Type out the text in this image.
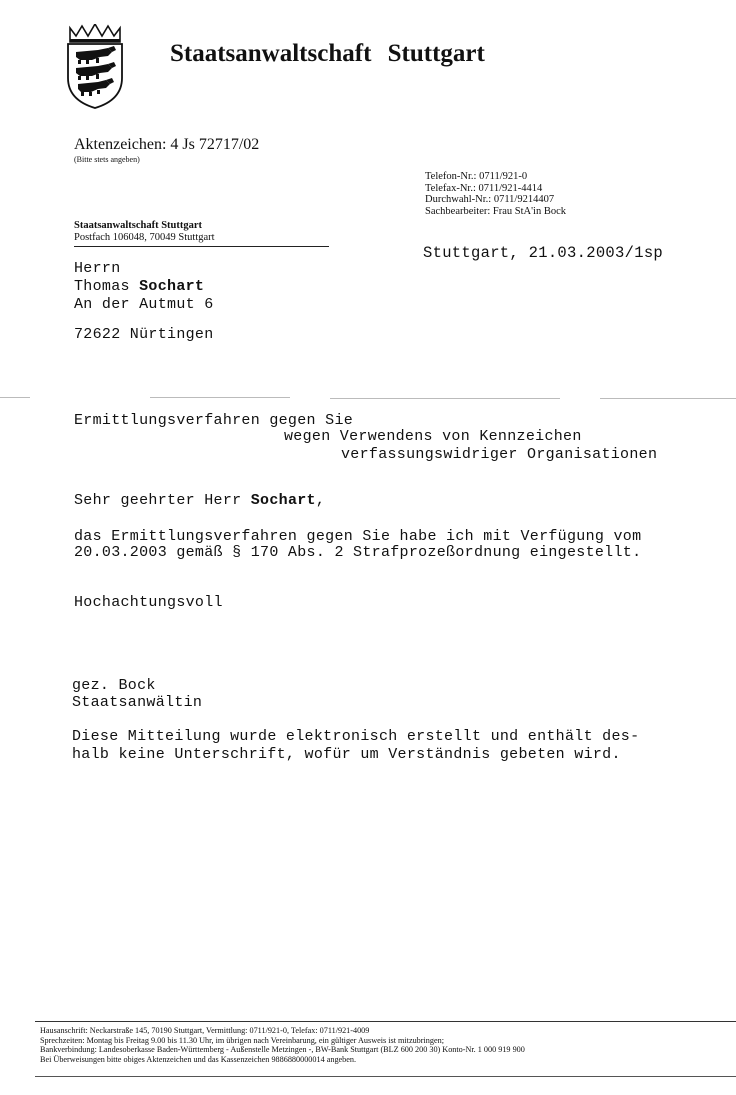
Staatsanwaltschaft Stuttgart
Aktenzeichen: 4 Js 72717/02
(Bitte stets angeben)
Telefon-Nr.: 0711/921-0
Telefax-Nr.: 0711/921-4414
Durchwahl-Nr.: 0711/9214407
Sachbearbeiter: Frau StA'in Bock
Staatsanwaltschaft Stuttgart
Postfach 106048, 70049 Stuttgart
Stuttgart, 21.03.2003/1sp
Herrn
Thomas Sochart
An der Autmut 6
72622 Nürtingen
Ermittlungsverfahren gegen Sie
wegen Verwendens von Kennzeichen
verfassungswidriger Organisationen
Sehr geehrter Herr Sochart,
das Ermittlungsverfahren gegen Sie habe ich mit Verfügung vom
20.03.2003 gemäß § 170 Abs. 2 Strafprozeßordnung eingestellt.
Hochachtungsvoll
gez. Bock
Staatsanwältin
Diese Mitteilung wurde elektronisch erstellt und enthält des-
halb keine Unterschrift, wofür um Verständnis gebeten wird.
Hausanschrift: Neckarstraße 145, 70190 Stuttgart, Vermittlung: 0711/921-0, Telefax: 0711/921-4009
Sprechzeiten: Montag bis Freitag 9.00 bis 11.30 Uhr, im übrigen nach Vereinbarung, ein gültiger Ausweis ist mitzubringen;
Bankverbindung: Landesoberkasse Baden-Württemberg - Außenstelle Metzingen -, BW-Bank Stuttgart (BLZ 600 200 30) Konto-Nr. 1 000 919 900
Bei Überweisungen bitte obiges Aktenzeichen und das Kassenzeichen 9886880000014 angeben.
